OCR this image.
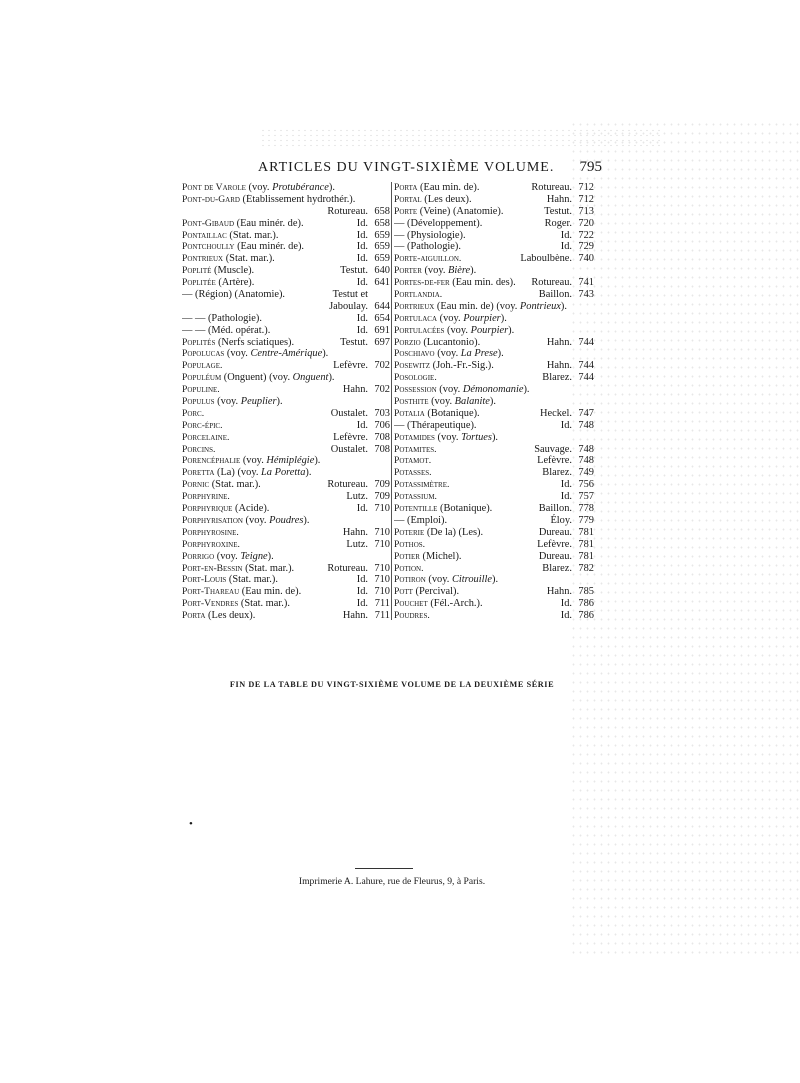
ARTICLES DU VINGT-SIXIÈME VOLUME. 795
Pont de Varole (voy. Protubérance).
Pont-du-Gard (Établissement hydrothér.).
Rotureau. 658
Pont-Gibaud (Eau minér. de).	Id. 658
Pontaillac (Stat. mar.).	Id. 659
Pontchoully (Eau minér. de).	Id. 659
Pontrieux (Stat. mar.).	Id. 659
Poplité (Muscle).	Testut. 640
Poplitée (Artère).	Id. 641
— (Région) (Anatomie).	Testut et
Jaboulay. 644
— — (Pathologie).	Id. 654
— — (Méd. opérat.).	Id. 691
Poplités (Nerfs sciatiques).	Testut. 697
Popolucas (voy. Centre-Amérique).
Populage.	Lefèvre. 702
Populéum (Onguent) (voy. Onguent).
Populine.	Hahn. 702
Populus (voy. Peuplier).
Porc.	Oustalet. 703
Porc-épic.	Id. 706
Porcelaine.	Lefèvre. 708
Porcins.	Oustalet. 708
Porencéphalie (voy. Hémiplégie).
Poretta (La) (voy. La Poretta).
Pornic (Stat. mar.).	Rotureau. 709
Porphyrine.	Lutz. 709
Porphyrique (Acide).	Id. 710
Porphyrisation (voy. Poudres).
Porphyrosine.	Hahn. 710
Porphyroxine.	Lutz. 710
Porrigo (voy. Teigne).
Port-en-Bessin (Stat. mar.).	Rotureau. 710
Port-Louis (Stat. mar.).	Id. 710
Port-Thareau (Eau min. de).	Id. 710
Port-Vendres (Stat. mar.).	Id. 711
Porta (Les deux).	Hahn. 711
Porta (Eau min. de).	Rotureau. 712
Portal (Les deux).	Hahn. 712
Porte (Veine) (Anatomie).	Testut. 713
— (Développement).	Roger. 720
— (Physiologie).	Id. 722
— (Pathologie).	Id. 729
Porte-aiguillon.	Laboulbène. 740
Porter (voy. Bière).
Portes-de-fer (Eau min. des).	Rotureau. 741
Portlandia.	Baillon. 743
Portrieux (Eau min. de) (voy. Pontrieux).
Portulaca (voy. Pourpier).
Portulacées (voy. Pourpier).
Porzio (Lucantonio).	Hahn. 744
Poschiavo (voy. La Prese).
Posewitz (Joh.-Fr.-Sig.).	Hahn. 744
Posologie.	Blarez. 744
Possession (voy. Démonomanie).
Posthite (voy. Balanite).
Potalia (Botanique).	Heckel. 747
— (Thérapeutique).	Id. 748
Potamides (voy. Tortues).
Potamites.	Sauvage. 748
Potamot.	Lefèvre. 748
Potasses.	Blarez. 749
Potassimètre.	Id. 756
Potassium.	Id. 757
Potentille (Botanique).	Baillon. 778
— (Emploi).	Éloy. 779
Poterie (De la) (Les).	Dureau. 781
Pothos.	Lefèvre. 781
Potier (Michel).	Dureau. 781
Potion.	Blarez. 782
Potiron (voy. Citrouille).
Pott (Percival).	Hahn. 785
Pouchet (Fél.-Arch.).	Id. 786
Poudres.	Id. 786
FIN DE LA TABLE DU VINGT-SIXIÈME VOLUME DE LA DEUXIÈME SÉRIE
•
Imprimerie A. Lahure, rue de Fleurus, 9, à Paris.
